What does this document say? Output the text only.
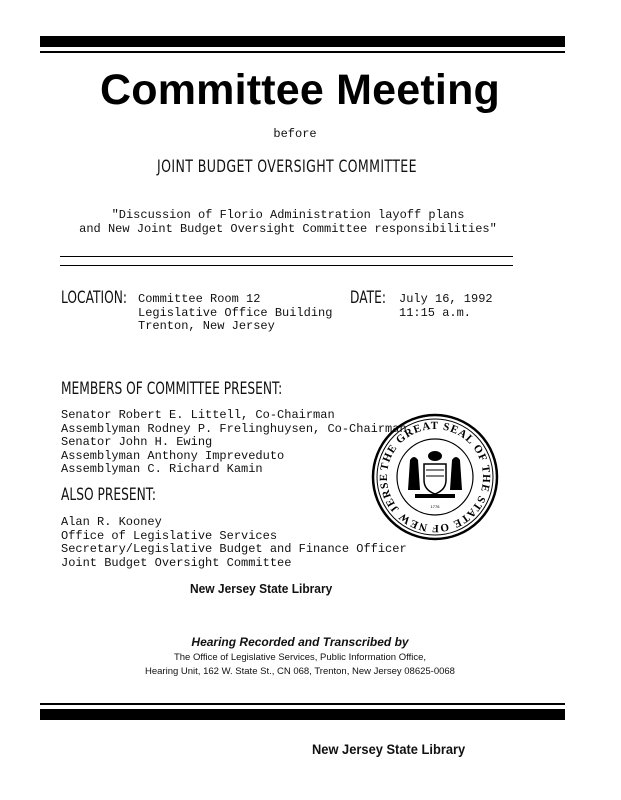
Committee Meeting
before
JOINT BUDGET OVERSIGHT COMMITTEE
"Discussion of Florio Administration layoff plans
and New Joint Budget Oversight Committee responsibilities"
LOCATION: Committee Room 12
Legislative Office Building
Trenton, New Jersey
DATE: July 16, 1992
11:15 a.m.
MEMBERS OF COMMITTEE PRESENT:
Senator Robert E. Littell, Co-Chairman
Assemblyman Rodney P. Frelinghuysen, Co-Chairman
Senator John H. Ewing
Assemblyman Anthony Impreveduto
Assemblyman C. Richard Kamin
ALSO PRESENT:
Alan R. Kooney
Office of Legislative Services
Secretary/Legislative Budget and Finance Officer
Joint Budget Oversight Committee
THE GREAT SEAL OF THE STATE OF NEW JERSE
1776
New Jersey State Library
Hearing Recorded and Transcribed by
The Office of Legislative Services, Public Information Office,
Hearing Unit, 162 W. State St., CN 068, Trenton, New Jersey 08625-0068
New Jersey State Library
